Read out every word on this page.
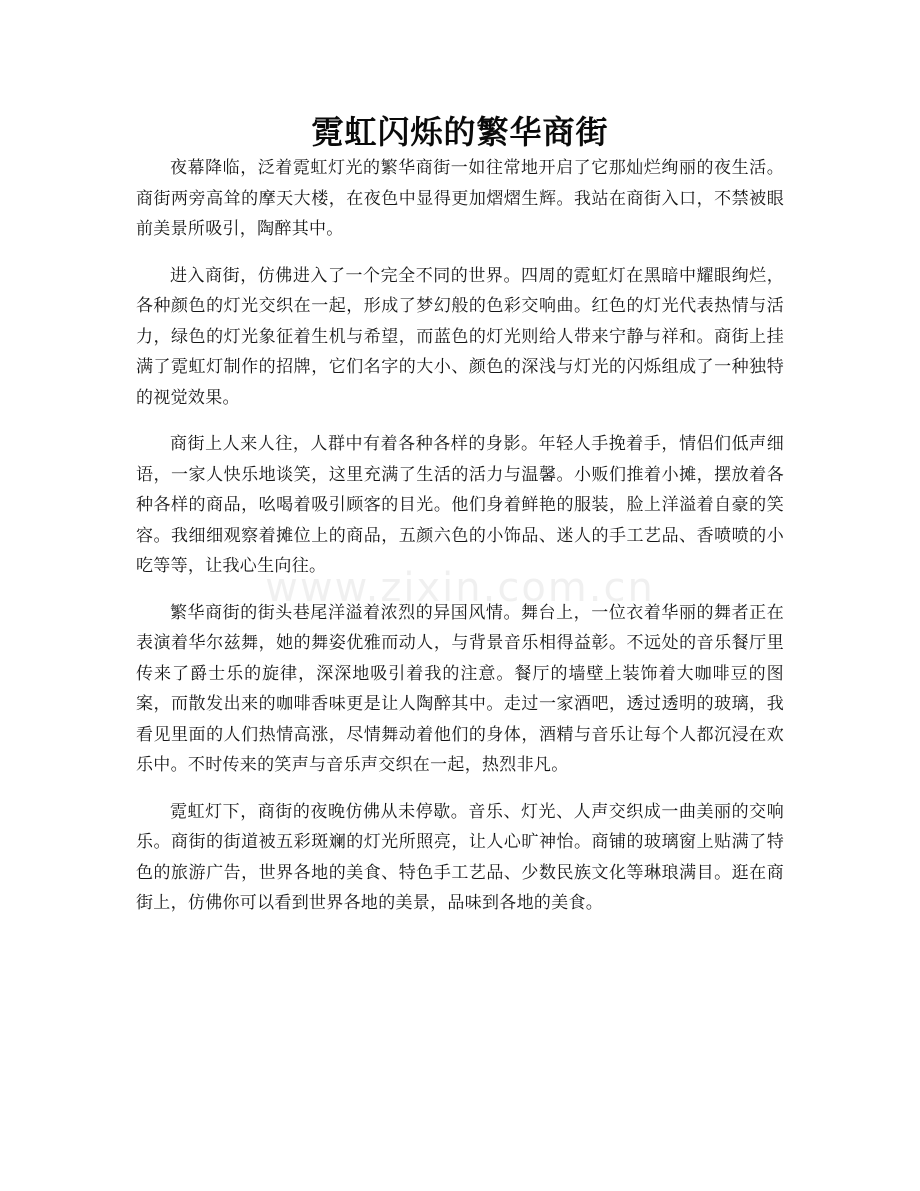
www.zixin.com.cn
霓虹闪烁的繁华商街

夜幕降临，泛着霓虹灯光的繁华商街一如往常地开启了它那灿烂绚丽的夜生活。商街两旁高耸的摩天大楼，在夜色中显得更加熠熠生辉。我站在商街入口，不禁被眼前美景所吸引，陶醉其中。

进入商街，仿佛进入了一个完全不同的世界。四周的霓虹灯在黑暗中耀眼绚烂，各种颜色的灯光交织在一起，形成了梦幻般的色彩交响曲。红色的灯光代表热情与活力，绿色的灯光象征着生机与希望，而蓝色的灯光则给人带来宁静与祥和。商街上挂满了霓虹灯制作的招牌，它们名字的大小、颜色的深浅与灯光的闪烁组成了一种独特的视觉效果。

商街上人来人往，人群中有着各种各样的身影。年轻人手挽着手，情侣们低声细语，一家人快乐地谈笑，这里充满了生活的活力与温馨。小贩们推着小摊，摆放着各种各样的商品，吆喝着吸引顾客的目光。他们身着鲜艳的服装，脸上洋溢着自豪的笑容。我细细观察着摊位上的商品，五颜六色的小饰品、迷人的手工艺品、香喷喷的小吃等等，让我心生向往。

繁华商街的街头巷尾洋溢着浓烈的异国风情。舞台上，一位衣着华丽的舞者正在表演着华尔兹舞，她的舞姿优雅而动人，与背景音乐相得益彰。不远处的音乐餐厅里传来了爵士乐的旋律，深深地吸引着我的注意。餐厅的墙壁上装饰着大咖啡豆的图案，而散发出来的咖啡香味更是让人陶醉其中。走过一家酒吧，透过透明的玻璃，我看见里面的人们热情高涨，尽情舞动着他们的身体，酒精与音乐让每个人都沉浸在欢乐中。不时传来的笑声与音乐声交织在一起，热烈非凡。

霓虹灯下，商街的夜晚仿佛从未停歇。音乐、灯光、人声交织成一曲美丽的交响乐。商街的街道被五彩斑斓的灯光所照亮，让人心旷神怡。商铺的玻璃窗上贴满了特色的旅游广告，世界各地的美食、特色手工艺品、少数民族文化等琳琅满目。逛在商街上，仿佛你可以看到世界各地的美景，品味到各地的美食。
